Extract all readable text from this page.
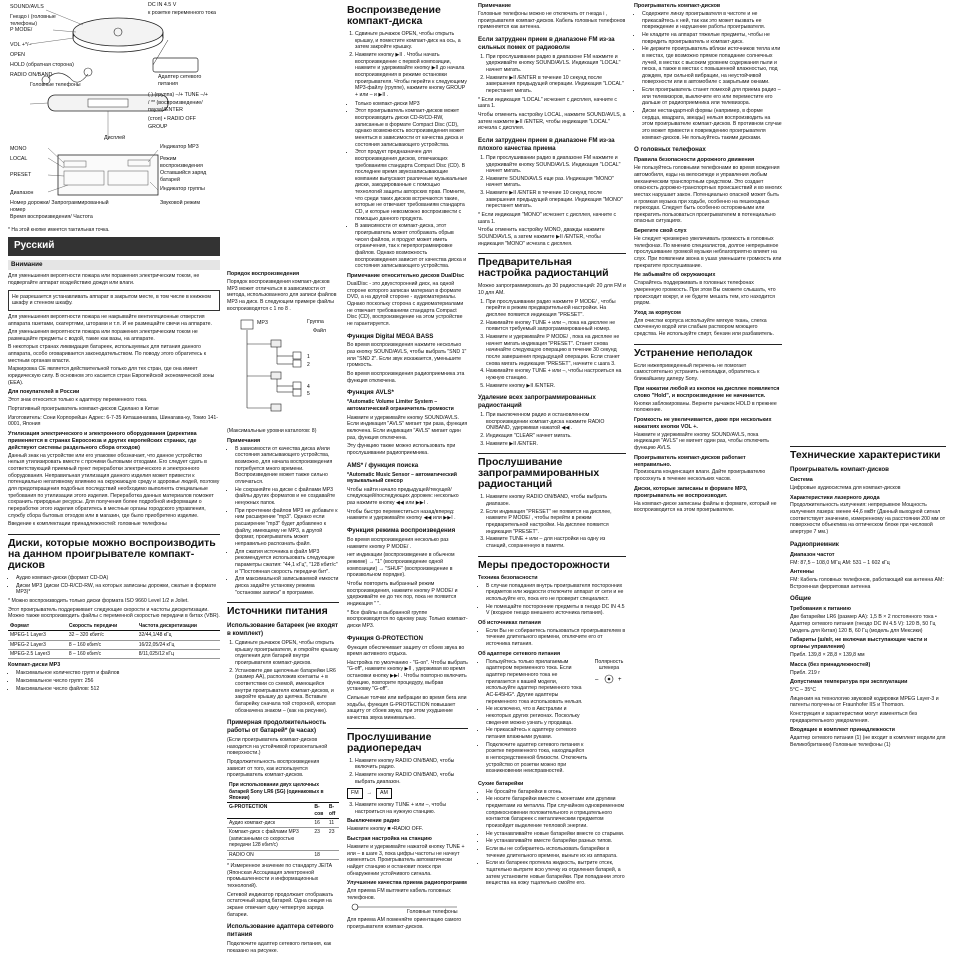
SOUND/AVLS
Гнездо i (головные телефоны)
P MODE/
VOL +*/–
OPEN
HOLD (обратная сторона)
RADIO ON/BAND
Головные телефоны
DC IN 4.5 V
к розетке переменного тока
Адаптер сетевого питания
( ) (группа) –/+ TUNE –/+
/ ** (воспроизведение/ пауза)/ENTER
(стоп) • RADIO OFF
GROUP
Дисплей
MONO
LOCAL
PRESET
Диапазон
Номер дорожки/ Запрограммированный номер
Время воспроизведения/ Частота
Индикатор MP3
Режим воспроизведения
Оставшийся заряд батарей
Индикатор группы
Звуковой режим

* На этой кнопке имеется тактильная точка.

Русский
Внимание

Для уменьшения вероятности пожара или поражения электрическим током, не подвергайте аппарат воздействию дождя или влаги.

Не разрешается устанавливать аппарат в закрытом месте, в том числе в книжном шкафу и стенном шкафу.

Для уменьшения вероятности пожара не накрывайте вентиляционные отверстия аппарата газетами, скатертями, шторами и т.п. И не размещайте свечи на аппарате.

Для уменьшения вероятности пожара или поражения электрическим током не размещайте предметы с водой, такие как вазы, на аппарате.

В некоторых странах ликвидация батареек, используемых для питания данного аппарата, особо оговаривается законодательством. По поводу этого обратитесь к местным органам власти.

Маркировка CE является действительной только для тех стран, где она имеет юридическую силу. В основном это касается стран Европейской экономической зоны (EEA).

Для покупателей в России

Этот знак относится только к адаптеру переменного тока.

Портативный проигрыватель компакт-дисков Сделано в Китае

Изготовитель: Сони Корпорейшн Адрес: 6-7-35 Киташинагава, Шинагава-ку, Токио 141-0001, Япония

Утилизация электрического и электронного оборудования (директива применяется в странах Евросоюза и других европейских странах, где действуют системы раздельного сбора отходов)

Данный знак на устройстве или его упаковке обозначает, что данное устройство нельзя утилизировать вместе с прочими бытовыми отходами. Его следует сдать в соответствующий приемный пункт переработки электрического и электронного оборудования. Неправильная утилизация данного изделия может привести к потенциально негативному влиянию на окружающую среду и здоровье людей, поэтому для предотвращения подобных последствий необходимо выполнять специальные требования по утилизации этого изделия. Переработка данных материалов поможет сохранить природные ресурсы. Для получения более подробной информации о переработке этого изделия обратитесь в местные органы городского управления, службу сбора бытовых отходов или в магазин, где было приобретено изделие.

Введение к комплектации принадлежностей: головные телефоны

Диски, которые можно воспроизводить на данном проигрывателе компакт-дисков
• Аудио компакт-диски (формат CD-DA)
• Диски MP3 (диски CD-R/CD-RW, на которых записаны дорожки, сжатые в формате MP3)*

* Можно воспроизводить только диски формата ISO 9660 Level 1/2 и Joliet.

Этот проигрыватель поддерживает следующие скорости и частоты дискретизации. Можно также воспроизводить файлы с переменной скоростью передачи в битах (VBR).

Формат	Скорость передачи	Частота дискретизации
MPEG-1 Layer3	32 – 320 кбит/с	32/44,1/48 кГц
MPEG-2 Layer3	8 – 160 кбит/с	16/22,05/24 кГц
MPEG-2.5 Layer3	8 – 160 кбит/с	8/11,025/12 кГц
Компакт-диски MP3
• Максимальное количество групп и файлов
• Максимальное число групп: 256
• Максимальное число файлов: 512
Порядок воспроизведения

Порядок воспроизведения компакт-дисков MP3 может отличаться в зависимости от метода, использованного для записи файлов MP3 на диск. В следующем примере файлы воспроизводятся с 1 по 8 .

1
2
4
5
MP3	Группа
Файл

(Максимальные уровни каталогов: 8)

Примечания
• В зависимости от качества диска и/или состояния записывающего устройства, возможно, для начала воспроизведения потребуется много времени. Воспроизведение может также сильно отличаться.
• Не сохраняйте на диске с файлами MP3 файлы других форматов и не создавайте ненужных папок.
• При прочтении файлов MP3 не добавьте к ним расширение "mp3". Однако если расширение "mp3" будет добавлено к файлу, имеющему не MP3, а другой формат, проигрыватель может неправильно распознать файл.
• Для сжатия источника в файл MP3 рекомендуется использовать следующие параметры сжатия: "44,1 кГц", "128 кбит/с" и "Постоянная скорость передачи бит".
• Для максимальной записываемой емкости диска задайте установку режима "остановки записи" в программе.
Источники питания
Использование батареек (не входят в комплект)
1. Сдвиньте рычажок OPEN, чтобы открыть крышку проигрывателя, и откройте крышку отделения для батарей внутри проигрывателя компакт-дисков.
2. Установите две щелочные батарейки LR6 (размер AA), расположив контакты + в соответствии со схемой, имеющейся внутри проигрывателя компакт-дисков, и закройте крышку до щелчка. Вставьте батарейку сначала той стороной, которая обозначена знаком – (как на рисунке).
Примерная продолжительность работы от батарей* (в часах)

(Если проигрыватель компакт-дисков находится на устойчивой горизонтальной поверхности.)

Продолжительность воспроизведения зависит от того, как используется проигрыватель компакт-дисков.

При использовании двух щелочных батарей Sony LR6 (SG) (одинаковых в Японии)		
G-PROTECTION	В-сов	В-off
Аудио компакт-диск	16	11
Компакт-диск с файлами MP3 (записанными со скоростью передачи 128 кбит/с)	23	23
RADIO ON	18	

* Измеренное значение по стандарту JEITA (Японская Ассоциация электронной промышленности и информационных технологий).

Сетевой индикатор продолжает отображать остаточный заряд батарей. Одна секция на экране отвечает одну четвертую заряда батареи.

Использование адаптера сетевого питания

Подключите адаптер сетевого питания, как показано на рисунке.

Воспроизведение компакт-диска
1. Сдвиньте рычажок OPEN, чтобы открыть крышку, и поместите компакт-диск на ось, а затем закройте крышку.
2. Нажмите кнопку ▶II . Чтобы начать воспроизведение с первой композиции, нажмите и удерживайте кнопку ▶II до начала воспроизведения в режиме остановки проигрывателя. Чтобы перейти к следующему MP3-файлу (группе), нажмите кнопку GROUP + или – и ▶II .
• Только компакт-диски MP3
• Этот проигрыватель компакт-дисков может воспроизводить диски CD-R/CD-RW, записанные в формате Compact Disc (CD), однако возможность воспроизведения может меняться в зависимости от качества диска и состояния записывающего устройства.
• Этот продукт предназначен для воспроизведения дисков, отвечающих требованиям стандарта Compact Disc (CD). В последнее время звукозаписывающие компании выпускают различные музыкальные диски, закодированные с помощью технологий защиты авторских прав. Помните, что среди таких дисков встречаются такие, которые не отвечают требованиям стандарта CD, и которые невозможно воспроизвести с помощью данного продукта.
• В зависимости от компакт-диска, этот проигрыватель может отображать обрыв чисел файлов, и продукт может иметь ограничения, так к перепрограммировке файлов. Однако возможность воспроизведения зависит от качества диска и состояния записывающего устройства.
Примечание относительно дисков DualDisc

DualDisc - это двухсторонний диск, на одной стороне которого записан материал в формате DVD, а на другой стороне - аудиоматериалы. Однако поскольку сторона с аудиоматериалами не отвечает требованиям стандарта Compact Disc (CD), воспроизведение на этом устройстве не гарантируется.

Функция Digital MEGA BASS

Во время воспроизведения нажмите несколько раз кнопку SOUND/AVLS, чтобы выбрать "SND 1" или "SND 2". Если звук искажается, уменьшите громкость.

Во время воспроизведения радиоприемника эта функция отключена.

Функция AVLS*

*Automatic Volume Limiter System – автоматический ограничитель громкости

Нажмите и удерживайте кнопку SOUND/AVLS. Если индикация "AVLS" мигает три раза, функция включена. Если индикация "AVLS" мигает один раз, функция отключена.

Эту функцию также можно использовать при прослушивании радиоприемника.

AMS* / функция поиска

*Automatic Music Sensor – автоматический музыкальный сенсор

Чтобы найти начало предыдущей/текущей/следующей/последующих дорожек: несколько раз нажмите кнопку ◀◀ или ▶▶I .

Чтобы быстро переместиться назад/вперед: нажмите и удерживайте кнопку ◀◀ или ▶▶I .

Функция режима воспроизведения

Во время воспроизведения несколько раз нажмите кнопку P MODE/ .

нет индикации (воспроизведение в обычном режиме) → "1" (воспроизведение одной композиции) → "SHUF" (воспроизведение в произвольном порядке).

Чтобы повторить выбранный режим воспроизведения, нажмите кнопку P MODE/ и удерживайте ее до тех пор, пока не появится индикация " ".

* Все файлы в выбранной группе воспроизводятся по одному разу. Только компакт-диски MP3.

Функция G-PROTECTION

Функция обеспечивает защиту от сбоев звука во время активного отдыха.

Настройка по умолчанию - "G-on". Чтобы выбрать "G-off", нажмите кнопку ▶II , удерживая во время остановки кнопку ▶▶I . Чтобы повторно включить функцию, повторите процедуру, выбрав установку "G-off".

Сильные толчки или вибрации во время бега или ходьбы, функция G-PROTECTION повышает защиту от сбоев звука, при этом ухудшение качества звука минимально.

Прослушивание радиопередач
1. Нажмите кнопку RADIO ON/BAND, чтобы включить радио.
2. Нажмите кнопку RADIO ON/BAND, чтобы выбрать диапазон.
FM	→	AM
3. Нажмите кнопку TUNE + или –, чтобы настроиться на нужную станцию.
Выключение радио

Нажмите кнопку ■ •RADIO OFF.

Быстрая настройка на станцию

Нажмите и удерживайте нажатой кнопку TUNE + или – в шаге 3, пока цифры частоты не начнут изменяться. Проигрыватель автоматически найдет станцию и остановит поиск при обнаружении устойчивого сигнала.

Улучшение качества приема радиопрограмм

Для приема FM вытяните кабель головных телефонов.

Головные телефоны

Для приема AM поменяйте ориентацию самого проигрывателя компакт-дисков.

Примечание

Головные телефоны можно не отключать от гнезда i , проигрывателя компакт-дисков. Кабель головных телефонов применяется как антенна.

Если затруднен прием в диапазоне FM из-за сильных помех от радиоволн
1. При прослушивании радио в диапазоне FM нажмите и удерживайте кнопку SOUND/AVLS. Индикация "LOCAL" начнет мигать.
2. Нажмите ▶II /ENTER в течение 10 секунд после завершения предыдущей операции. Индикация "LOCAL" перестанет мигать.

* Если индикация "LOCAL" исчезнет с дисплея, начните с шага 1.

Чтобы отменить настройку LOCAL, нажмите SOUND/AVLS, а затем нажмите ▶II /ENTER, чтобы индикация "LOCAL" исчезла с дисплея.

Если затруднен прием в диапазоне FM из-за плохого качества приема
1. При прослушивании радио в диапазоне FM нажмите и удерживайте кнопку SOUND/AVLS. Индикация "LOCAL" начнет мигать.
2. Нажмите SOUND/AVLS еще раз. Индикация "MONO" начнет мигать.
3. Нажмите ▶II /ENTER в течение 10 секунд после завершения предыдущей операции. Индикация "MONO" перестанет мигать.

* Если индикация "MONO" исчезнет с дисплея, начните с шага 1.

Чтобы отменить настройку MONO, дважды нажмите SOUND/AVLS, а затем нажмите ▶II /ENTER, чтобы индикация "MONO" исчезла с дисплея.

Предварительная настройка радиостанций

Можно запрограммировать до 30 радиостанций: 20 для FM и 10 для AM.

1. При прослушивании радио нажмите P MODE/ , чтобы перейти в режим предварительной настройки. На дисплее появится индикация "PRESET".
2. Нажимайте кнопку TUNE + или –, пока на дисплее не появится требуемый запрограммированный номер.
3. Нажмите и удерживайте P MODE/ , пока на дисплее не начнет мигать индикация "PRESET". Станет снова начинайте следующую операцию в течение 30 секунд после завершения предыдущей операции. Если станет снова мигать индикация "PRESET", начните с шага 3.
4. Нажимайте кнопку TUNE + или –, чтобы настроиться на нужную станцию.
5. Нажмите кнопку ▶II /ENTER.
Удаление всех запрограммированных радиостанций
1. При выключенном радио и остановленном воспроизведении компакт-диска нажмите RADIO ON/BAND, удерживая нажатой ◀◀ .
2. Индикация "CLEAR" начнет мигать.
3. Нажмите ▶II /ENTER.
Прослушивание запрограммированных радиостанций
1. Нажмите кнопку RADIO ON/BAND, чтобы выбрать диапазон.
2. Если индикация "PRESET" не появится на дисплее, нажмите P MODE/ , чтобы перейти в режим предварительной настройки. На дисплее появится индикация "PRESET".
3. Нажмите TUNE + или – для настройки на одну из станций, сохраненную в памяти.
Меры предосторожности
Техника безопасности
• В случае попадания внутрь проигрывателя посторонних предметов или жидкости отключите аппарат от сети и не используйте его, пока его не проверит специалист.
• Не помещайте посторонние предметы в гнездо DC IN 4.5 V (входное гнездо внешнего источника питания).
Об источниках питания
• Если Вы не собираетесь пользоваться проигрывателем в течение длительного времени, отключите его от источника питания.
Об адаптере сетевого питания
• Пользуйтесь только прилагаемым адаптером переменного тока. Если адаптер переменного тока не прилагается к вашей модели, используйте адаптер переменного тока AC-E45HG*. Другие адаптеры переменного тока использовать нельзя.
• Не исключено, что в Австралии и некоторых других регионах. Поскольку сведения можно узнать у продавца.
• Не прикасайтесь к адаптеру сетевого питания влажными руками.
• Подключите адаптер сетевого питания к розетке переменного тока, находящейся в непосредственной близости. Отключить устройство от розетки можно при возникновении неисправностей.
Полярность штекера
–	+
Сухие батарейки
• Не бросайте батарейки в огонь.
• Не носите батарейки вместе с монетами или другими предметами из металла. При случайном одновременном соприкосновении положительного и отрицательного контактов батареек с металлическим предметом произойдет выделение тепловой энергии.
• Не устанавливайте новые батарейки вместе со старыми.
• Не устанавливайте вместе батарейки разных типов.
• Если вы не собираетесь использовать батарейки в течение длительного времени, выньте их из аппарата.
• Если из батареек протекла жидкость, вытрите отсек, тщательно вытрите всю утечку из отделения батарей, а затем установите новые батарейки. При попадании этого вещества на кожу тщательно смойте его.
Проигрыватель компакт-дисков
• Содержите линзу проигрывателя в чистоте и не прикасайтесь к ней, так как это может вызвать ее повреждение и нарушение работы проигрывателя.
• Не кладите на аппарат тяжелые предметы, чтобы не повредить проигрыватель и компакт-диск.
• Не держите проигрыватель вблизи источников тепла или в местах, где возможно прямое попадание солнечных лучей, в местах с высоким уровнем содержания пыли и песка, а также в местах с повышенной влажностью, под дождем, при сильной вибрации, на неустойчивой поверхности или в автомобиле с закрытыми окнами.
• Если проигрыватель станет помехой для приема радио – или телевизоров, выключите его или переместите его дальше от радиоприемника или телевизора.
• Диски нестандартной формы (например, в форме сердца, квадрата, звезды) нельзя воспроизводить на этом проигрывателе компакт-дисков. В противном случае это может привести к повреждению проигрывателя компакт-дисков. Не пользуйтесь такими дисками.
О головных телефонах
Правила безопасности дорожного движения

Не пользуйтесь головными телефонами во время вождения автомобиля, езды на велосипеде и управления любым механическим транспортным средством. Это создает опасность дорожно-транспортных происшествий и во многих местах нарушает закон. Потенциально опасной может быть и громкая музыка при ходьбе, особенно на пешеходных переходах. Следует быть особенно осторожными или прекратить пользоваться проигрывателем в потенциально опасных ситуациях.

Берегите свой слух

Не следует чрезмерно увеличивать громкость в головных телефонах. По мнению специалистов, долгое непрерывное прослушивание громкой музыки неблагоприятно влияет на слух. При появлении звона в ушах уменьшите громкость или прекратите прослушивание.

Не забывайте об окружающих

Старайтесь поддерживать в головных телефонах умеренную громкость. При этом Вы сможете слышать, что происходит вокруг, и не будете мешать тем, кто находится рядом.

Уход за корпусом

Для очистки корпуса используйте мягкую ткань, слегка смоченную водой или слабым раствором моющего средства. Не используйте спирт, бензин или разбавитель.

Устранение неполадок

Если нижеприведенный перечень не помогает самостоятельно устранить неполадки, обратитесь к ближайшему дилеру Sony.

При нажатии любой из кнопок на дисплее появляется слово "Hold", и воспроизведение не начинается.

Кнопки заблокированы. Верните рычажок HOLD в прежнее положение.

Громкость не увеличивается, даже при нескольких нажатиях кнопки VOL +.

Нажмите и удерживайте кнопку SOUND/AVLS, пока индикация "AVLS" не мигнет один раз, чтобы отключить функцию AVLS.

Проигрыватель компакт-дисков работает неправильно.

Произошла конденсация влаги. Дайте проигрывателю просохнуть в течение нескольких часов.

Диски, которые записаны в формате MP3, проигрыватель не воспроизводит.

На компакт-диске записаны файлы в формате, который не воспроизводится на этом проигрывателе.

Технические характеристики
Проигрыватель компакт-дисков
Система

Цифровые аудиосистема для компакт-дисков

Характеристики лазерного диода

Продолжительность излучения: непрерывное Мощность излучения лазера: менее 44,6 мкВт (Данный выходной сигнал соответствует значению, измеренному на расстоянии 200 мм от поверхности объектива на оптическом блоке при числовой апертуре 7 мм.)

Радиоприемник
Диапазон частот

FM: 87,5 – 108,0 МГц AM: 531 – 1 602 кГц

Антенны

FM: Кабель головных телефонов, работающий как антенна AM: Встроенная ферритовая антенна

Общие
Требования к питанию

Две батарейки LR6 (размер AA): 1,5 В × 2 постоянного тока • Адаптер сетевого питания (гнездо DC IN 4.5 V): 120 В, 50 Гц (модель для Китая) 120 В, 60 Гц (модель для Мексики)

Габариты (ш/в/г, не включая выступающие части и органы управления)

Прибл. 139,8 × 28,8 × 139,8 мм

Масса (без принадлежностей)

Прибл. 219 г

Допустимая температура при эксплуатации

5°C – 35°C

Лицензия на технологию звуковой кодировки MPEG Layer-3 и патенты получены от Fraunhofer IIS и Thomson.

Конструкция и характеристики могут изменяться без предварительного уведомления.

Входящие в комплект принадлежности

Адаптер сетевого питания (1) (не входит в комплект модели для Великобритании) Головные телефоны (1)
